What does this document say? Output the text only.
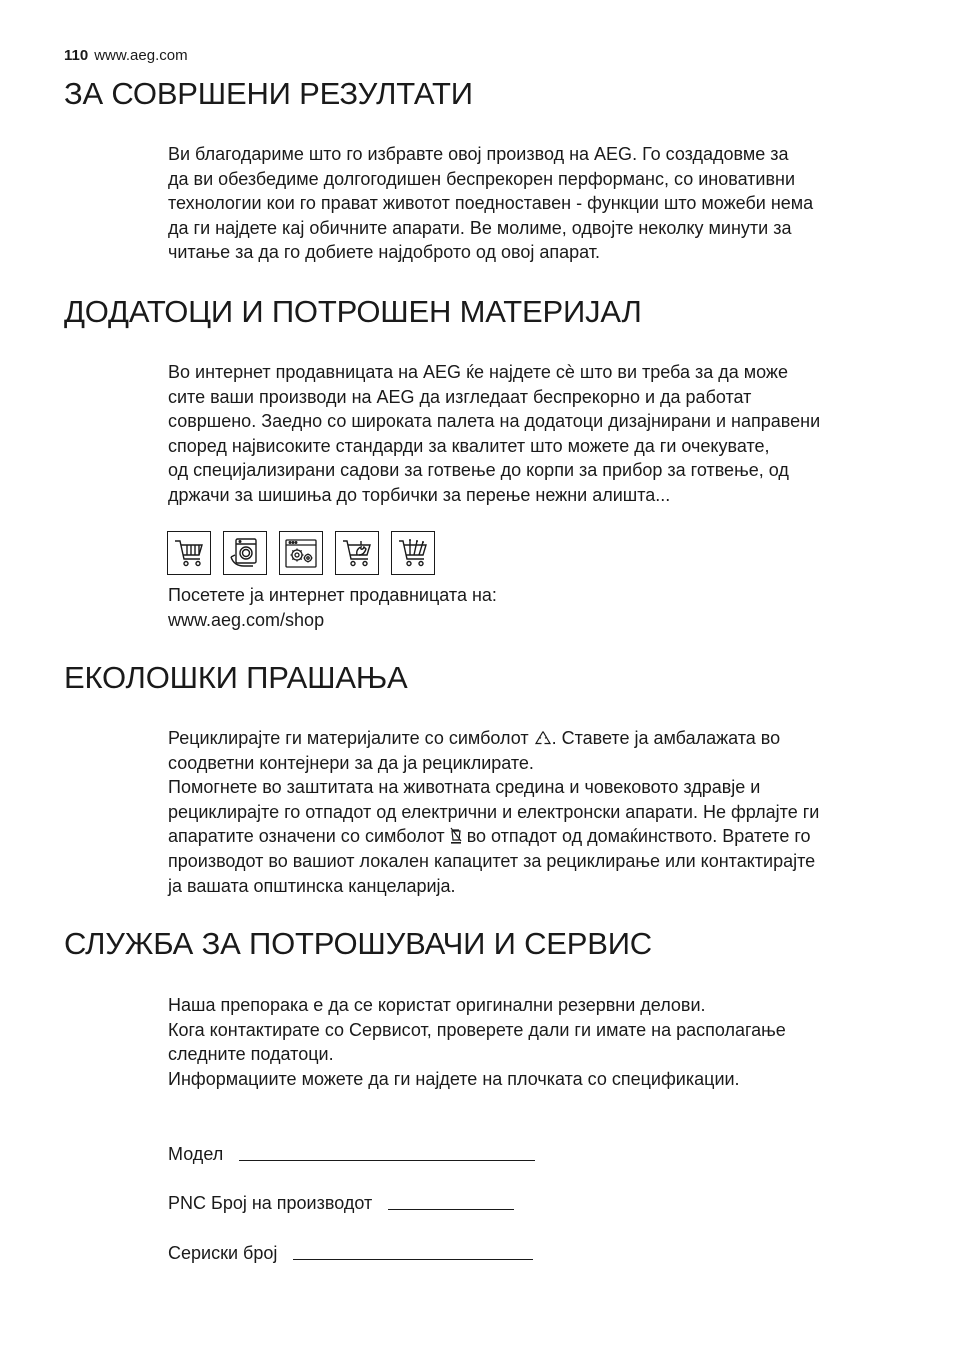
110 www.aeg.com
ЗА СОВРШЕНИ РЕЗУЛТАТИ

Ви благодариме што го избравте овој производ на AEG. Го создадовме за
да ви обезбедиме долгогодишен беспрекорен перформанс, со иновативни
технологии кои го прават животот поедноставен - функции што можеби нема
да ги најдете кај обичните апарати. Ве молиме, одвојте неколку минути за
читање за да го добиете најдоброто од овој апарат.

ДОДАТОЦИ И ПОТРОШЕН МАТЕРИЈАЛ

Во интернет продавницата на AEG ќе најдете сѐ што ви треба за да може
сите ваши производи на AEG да изгледаат беспрекорно и да работат
совршено. Заедно со широката палета на додатоци дизајнирани и направени
според највисоките стандарди за квалитет што можете да ги очекувате,
од специјализирани садови за готвење до корпи за прибор за готвење, од
држачи за шишиња до торбички за перење нежни алишта...

Посетете ја интернет продавницата на:
www.aeg.com/shop

ЕКОЛОШКИ ПРАШАЊА

Рециклирајте ги материјалите со симболот . Ставете ја амбалажата во
соодветни контејнери за да ја рециклирате.
Помогнете во заштитата на животната средина и човековото здравје и
рециклирајте го отпадот од електрични и електронски апарати. Не фрлајте ги
апаратите означени со симболот  во отпадот од домаќинството. Вратете го
производот во вашиот локален капацитет за рециклирање или контактирајте
ја вашата општинска канцеларија.

СЛУЖБА ЗА ПОТРОШУВАЧИ И СЕРВИС

Наша препорака е да се користат оригинални резервни делови.
Кога контактирате со Сервисот, проверете дали ги имате на располагање
следните податоци.
Информациите можете да ги најдете на плочката со спецификации.

Модел
PNC Број на производот
Сериски број
